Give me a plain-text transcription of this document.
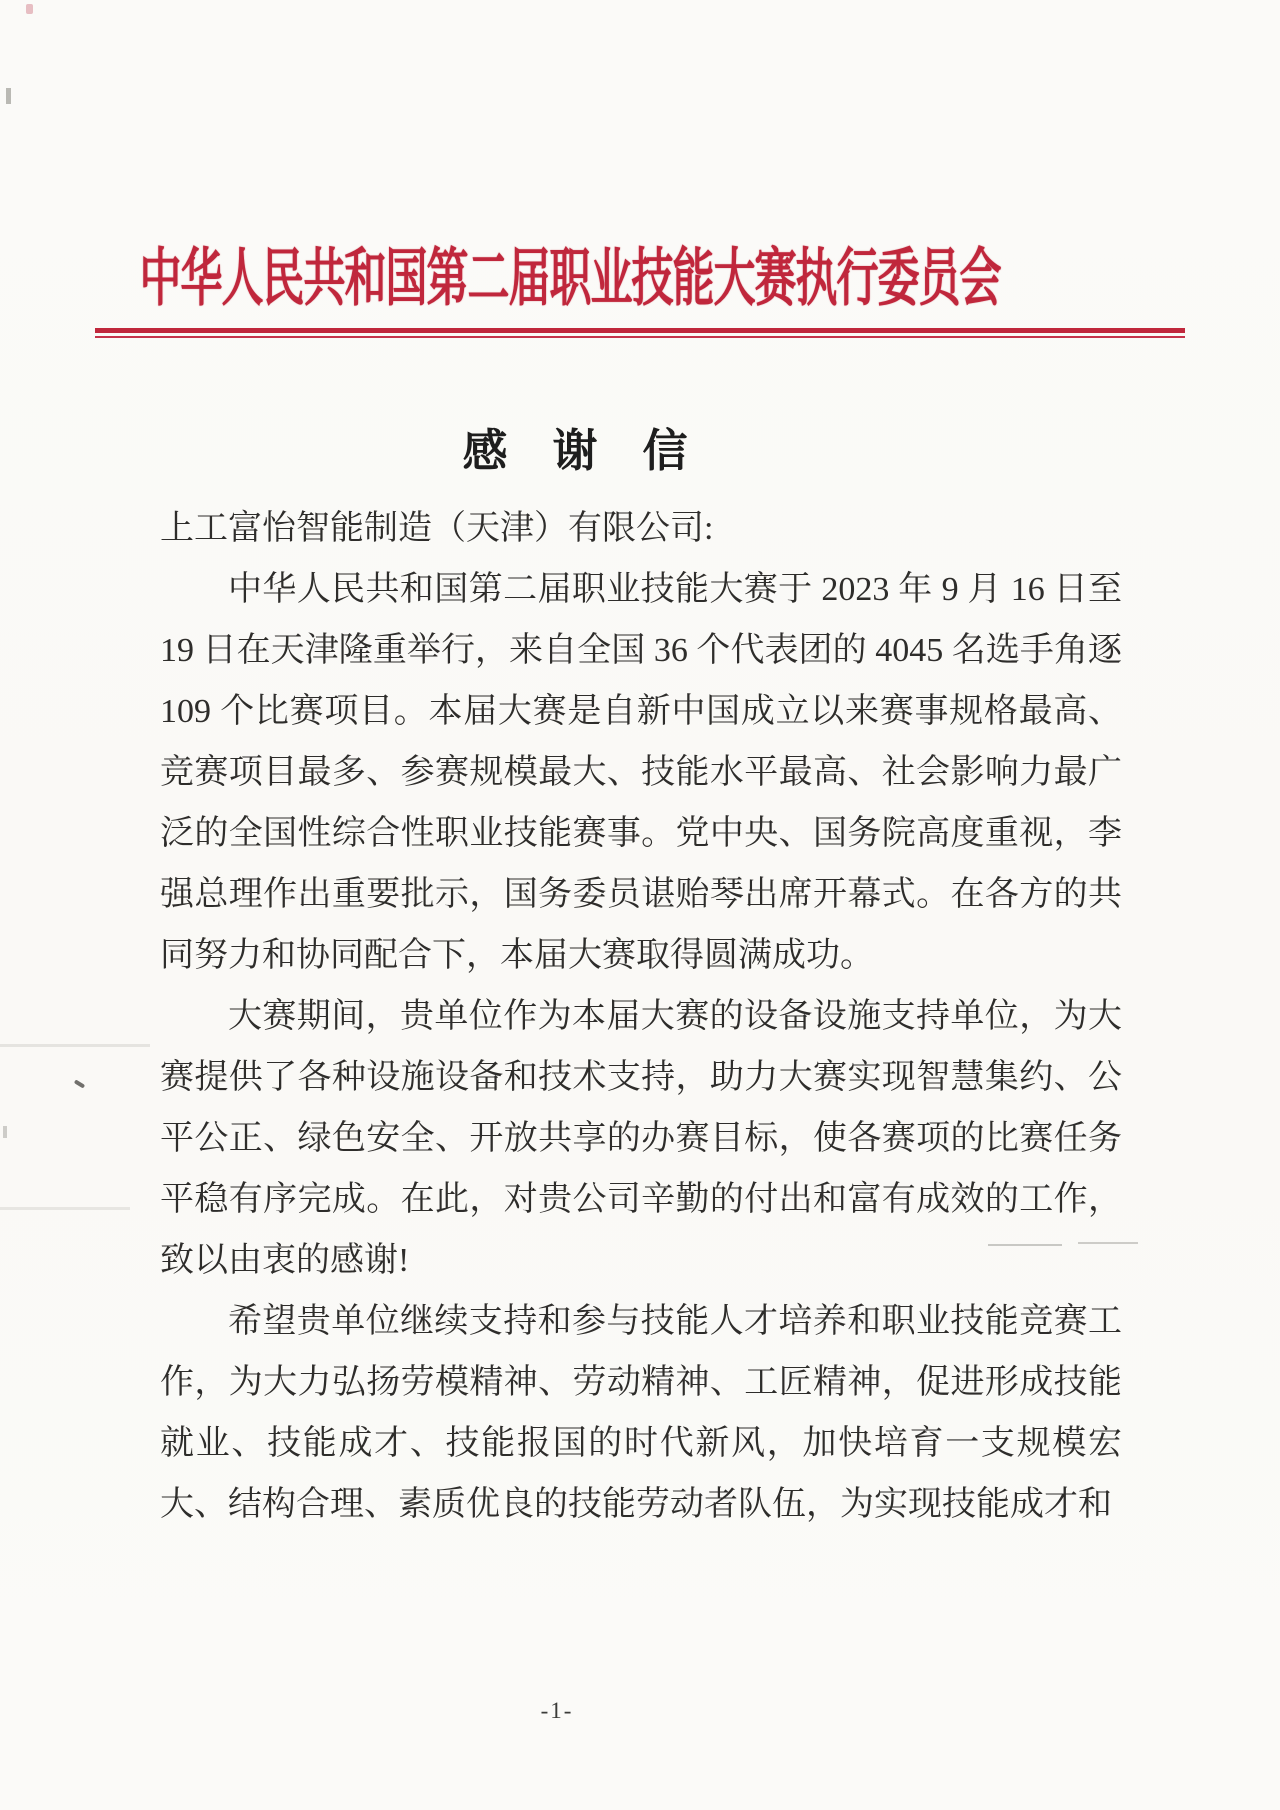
中华人民共和国第二届职业技能大赛执行委员会
感　谢　信

上工富怡智能制造（天津）有限公司:

中华人民共和国第二届职业技能大赛于 2023 年 9 月 16 日至 19 日在天津隆重举行，来自全国 36 个代表团的 4045 名选手角逐 109 个比赛项目。本届大赛是自新中国成立以来赛事规格最高、竞赛项目最多、参赛规模最大、技能水平最高、社会影响力最广泛的全国性综合性职业技能赛事。党中央、国务院高度重视，李强总理作出重要批示，国务委员谌贻琴出席开幕式。在各方的共同努力和协同配合下，本届大赛取得圆满成功。

大赛期间，贵单位作为本届大赛的设备设施支持单位，为大赛提供了各种设施设备和技术支持，助力大赛实现智慧集约、公平公正、绿色安全、开放共享的办赛目标，使各赛项的比赛任务平稳有序完成。在此，对贵公司辛勤的付出和富有成效的工作，致以由衷的感谢!

希望贵单位继续支持和参与技能人才培养和职业技能竞赛工作，为大力弘扬劳模精神、劳动精神、工匠精神，促进形成技能就业、技能成才、技能报国的时代新风，加快培育一支规模宏大、结构合理、素质优良的技能劳动者队伍，为实现技能成才和

-1-
